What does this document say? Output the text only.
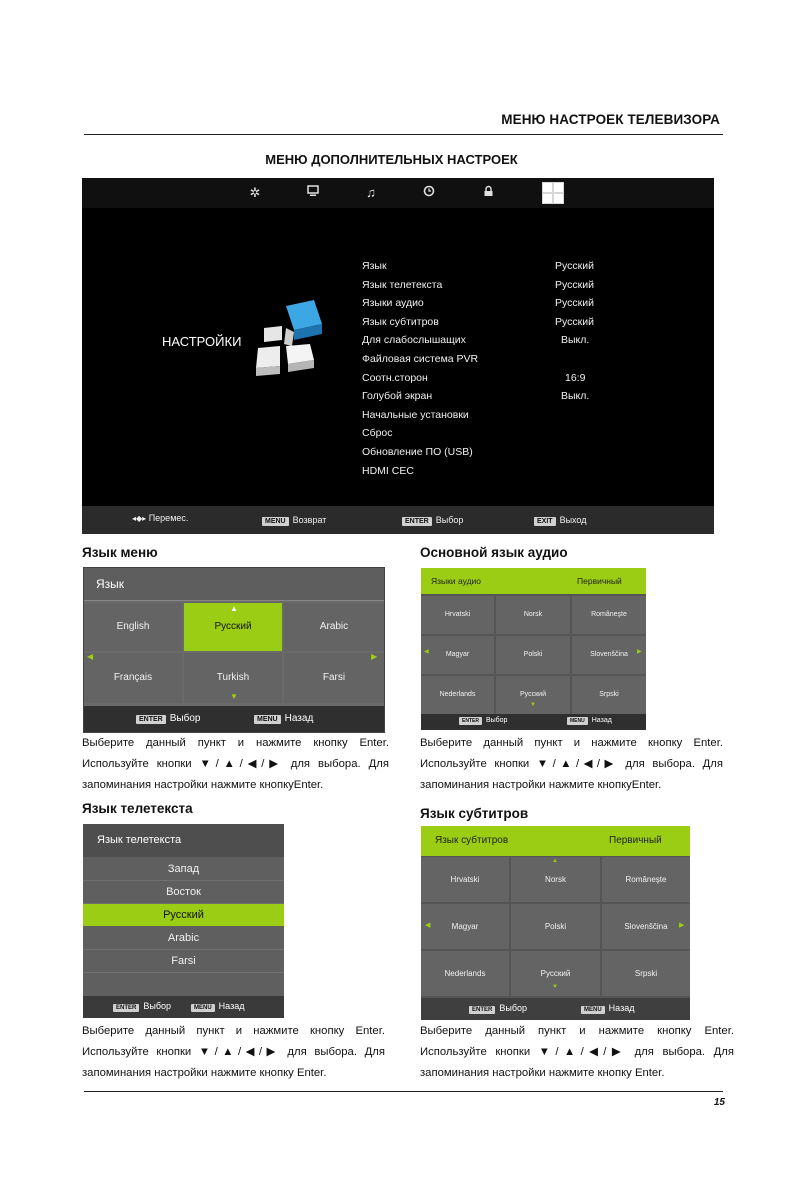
МЕНЮ НАСТРОЕК ТЕЛЕВИЗОРА
МЕНЮ ДОПОЛНИТЕЛЬНЫХ НАСТРОЕК
✲	♫
НАСТРОЙКИ
Язык	Русский
Язык телетекста	Русский
Языки аудио	Русский
Язык субтитров	Русский
Для слабослышащих	Выкл.
Файловая система PVR
Соотн.сторон	16:9
Голубой экран	Выкл.
Начальные установки
Сброс
Обновление ПО (USB)
HDMI CEC
◂◆▸ Перемес.	MENU Возврат	ENTER Выбор	EXIT Выход
Язык меню
Язык
English	Русский	Arabic
Français	Turkish	Farsi
▲
▼
◀	▶
ENTER Выбор	MENU Назад
Выберите данный пункт и нажмите кнопку Enter. Используйте кнопки ▼/▲/◀/▶ для выбора. Для запоминания настройки нажмите кнопкуEnter.
Основной язык аудио
Языки аудио	Первичный
Hrvatski	Norsk	Româneşte
Magyar	Polski	Slovenščina
Nederlands	Русский	Srpski
◀	▶
▼
ENTER Выбор	MENU Назад
Выберите данный пункт и нажмите кнопку Enter. Используйте кнопки ▼/▲/◀/▶ для выбора. Для запоминания настройки нажмите кнопкуEnter.
Язык телетекста
Язык телетекста
Запад
Восток
Русский
Arabic
Farsi
ENTER Выбор	MENU Назад
Выберите данный пункт и нажмите кнопку Enter. Используйте кнопки ▼/▲/◀/▶ для выбора. Для запоминания настройки нажмите кнопку Enter.
Язык субтитров
Язык субтитров	Первичный
Hrvatski	Norsk	Româneşte
Magyar	Polski	Slovenščina
Nederlands	Русский	Srpski
▲
◀	▶
▼
ENTER Выбор	MENU Назад
Выберите данный пункт и нажмите кнопку Enter. Используйте кнопки ▼/▲/◀/▶ для выбора. Для запоминания настройки нажмите кнопку Enter.
15
